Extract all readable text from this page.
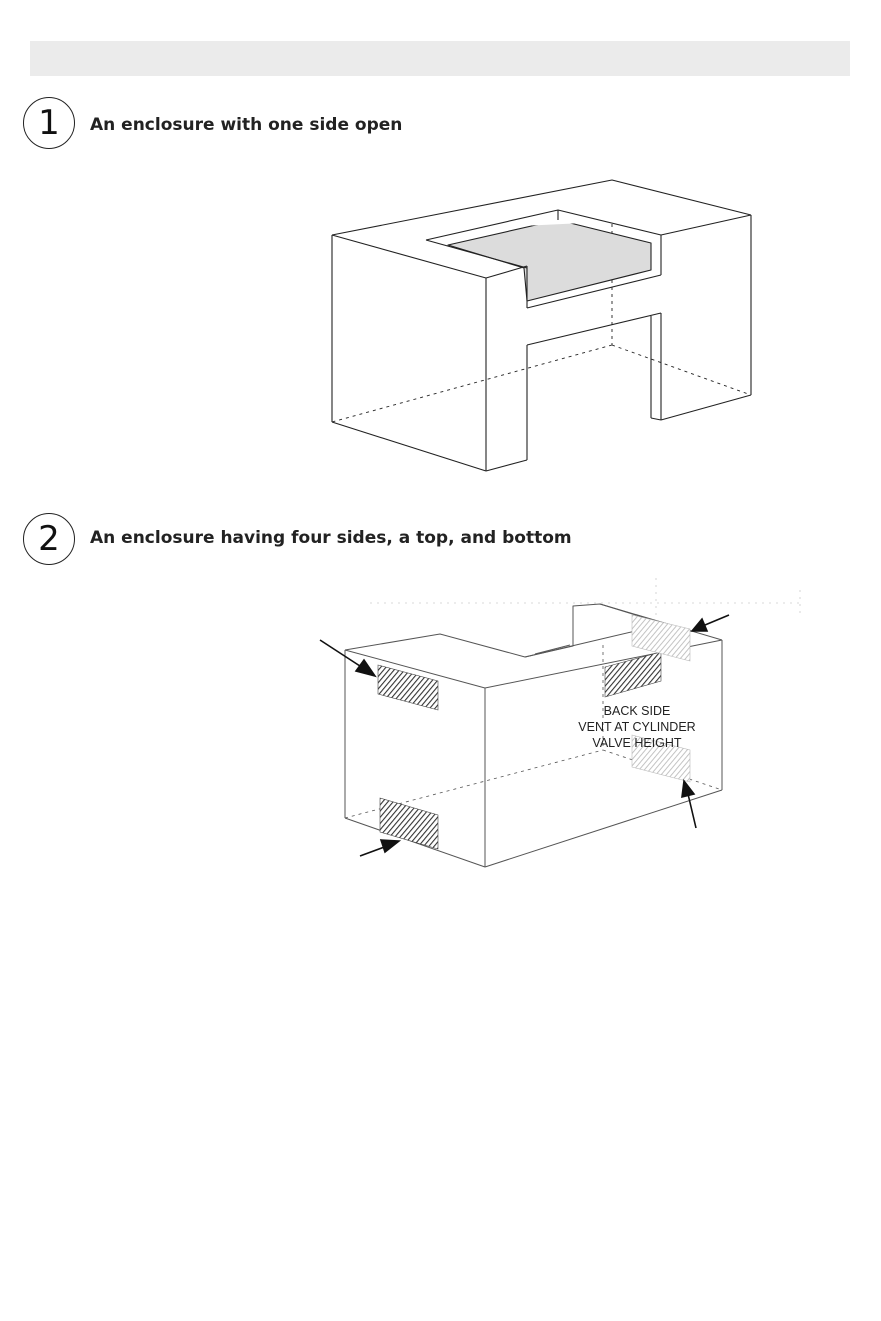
1 An enclosure with one side open
2 An enclosure having four sides, a top, and bottom
BACK SIDE
VENT AT CYLINDER
VALVE HEIGHT
